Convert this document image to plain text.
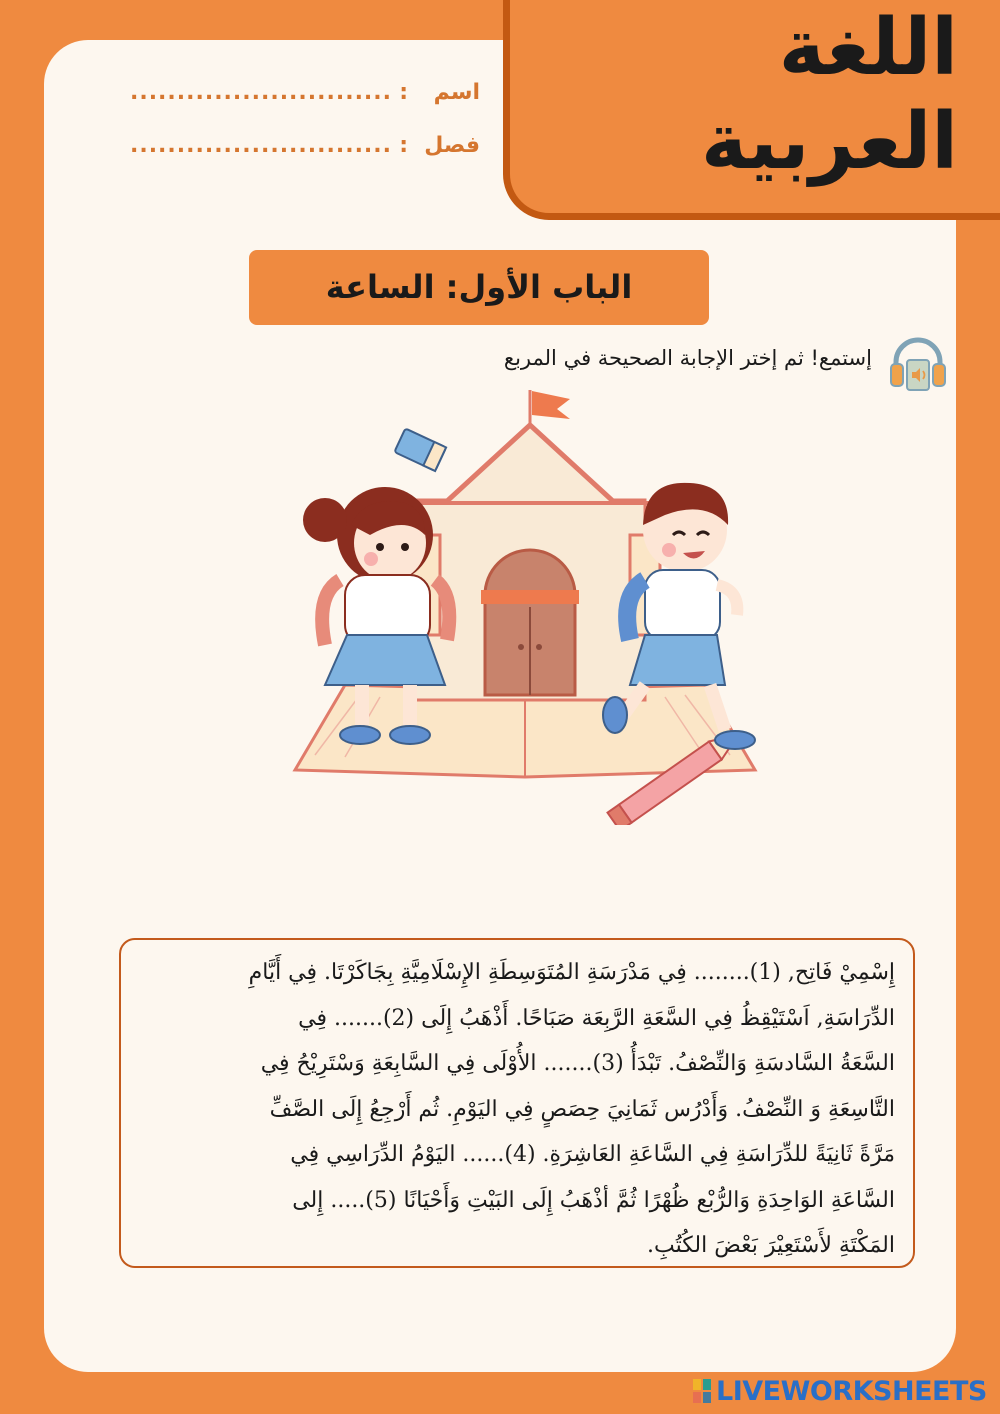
اللغة
العربية
اسم
:
............................
فصل
:
............................
الباب الأول: الساعة
إستمع! ثم إختر الإجابة الصحيحة في المربع
إِسْمِيْ فَاتِح, (1)........ فِي مَدْرَسَةِ المُتَوَسِطَةِ الإِسْلَامِيَّةِ بِجَاكَرْتَا. فِي أَيَّامِ
الدِّرَاسَةِ, اَسْتَيْقِظُ فِي السَّعَةِ الرَّبِعَة صَبَاحًا. أَذْهَبُ إِلَى (2)....... فِي
السَّعَةُ السَّادسَةِ وَالنِّصْفُ. تَبْدَأُ (3)....... الأُوْلَى فِي السَّابِعَةِ وَسْتَرِيْحُ فِي
التَّاسِعَةِ وَ النِّصْفُ. وَأَدْرُس ثَمَانِيَ حِصَصٍ فِي اليَوْمِ. ثُم أَرْجِعُ إِلَى الصَّفِّ
مَرَّةً ثَانِيَةً للدِّرَاسَةِ فِي السَّاعَةِ العَاشِرَةِ. (4)...... اليَوْمُ الدِّرَاسِي فِي
السَّاعَةِ الوَاحِدَةِ وَالرُّبْع ظُهْرًا ثُمَّ أذْهَبُ إِلَى البَيْتِ وَأَحْيَانًا (5)..... إِلى
المَكْتَةِ لأَسْتَعِيْرَ بَعْضَ الكُتُبِ.
LIVEWORKSHEETS
